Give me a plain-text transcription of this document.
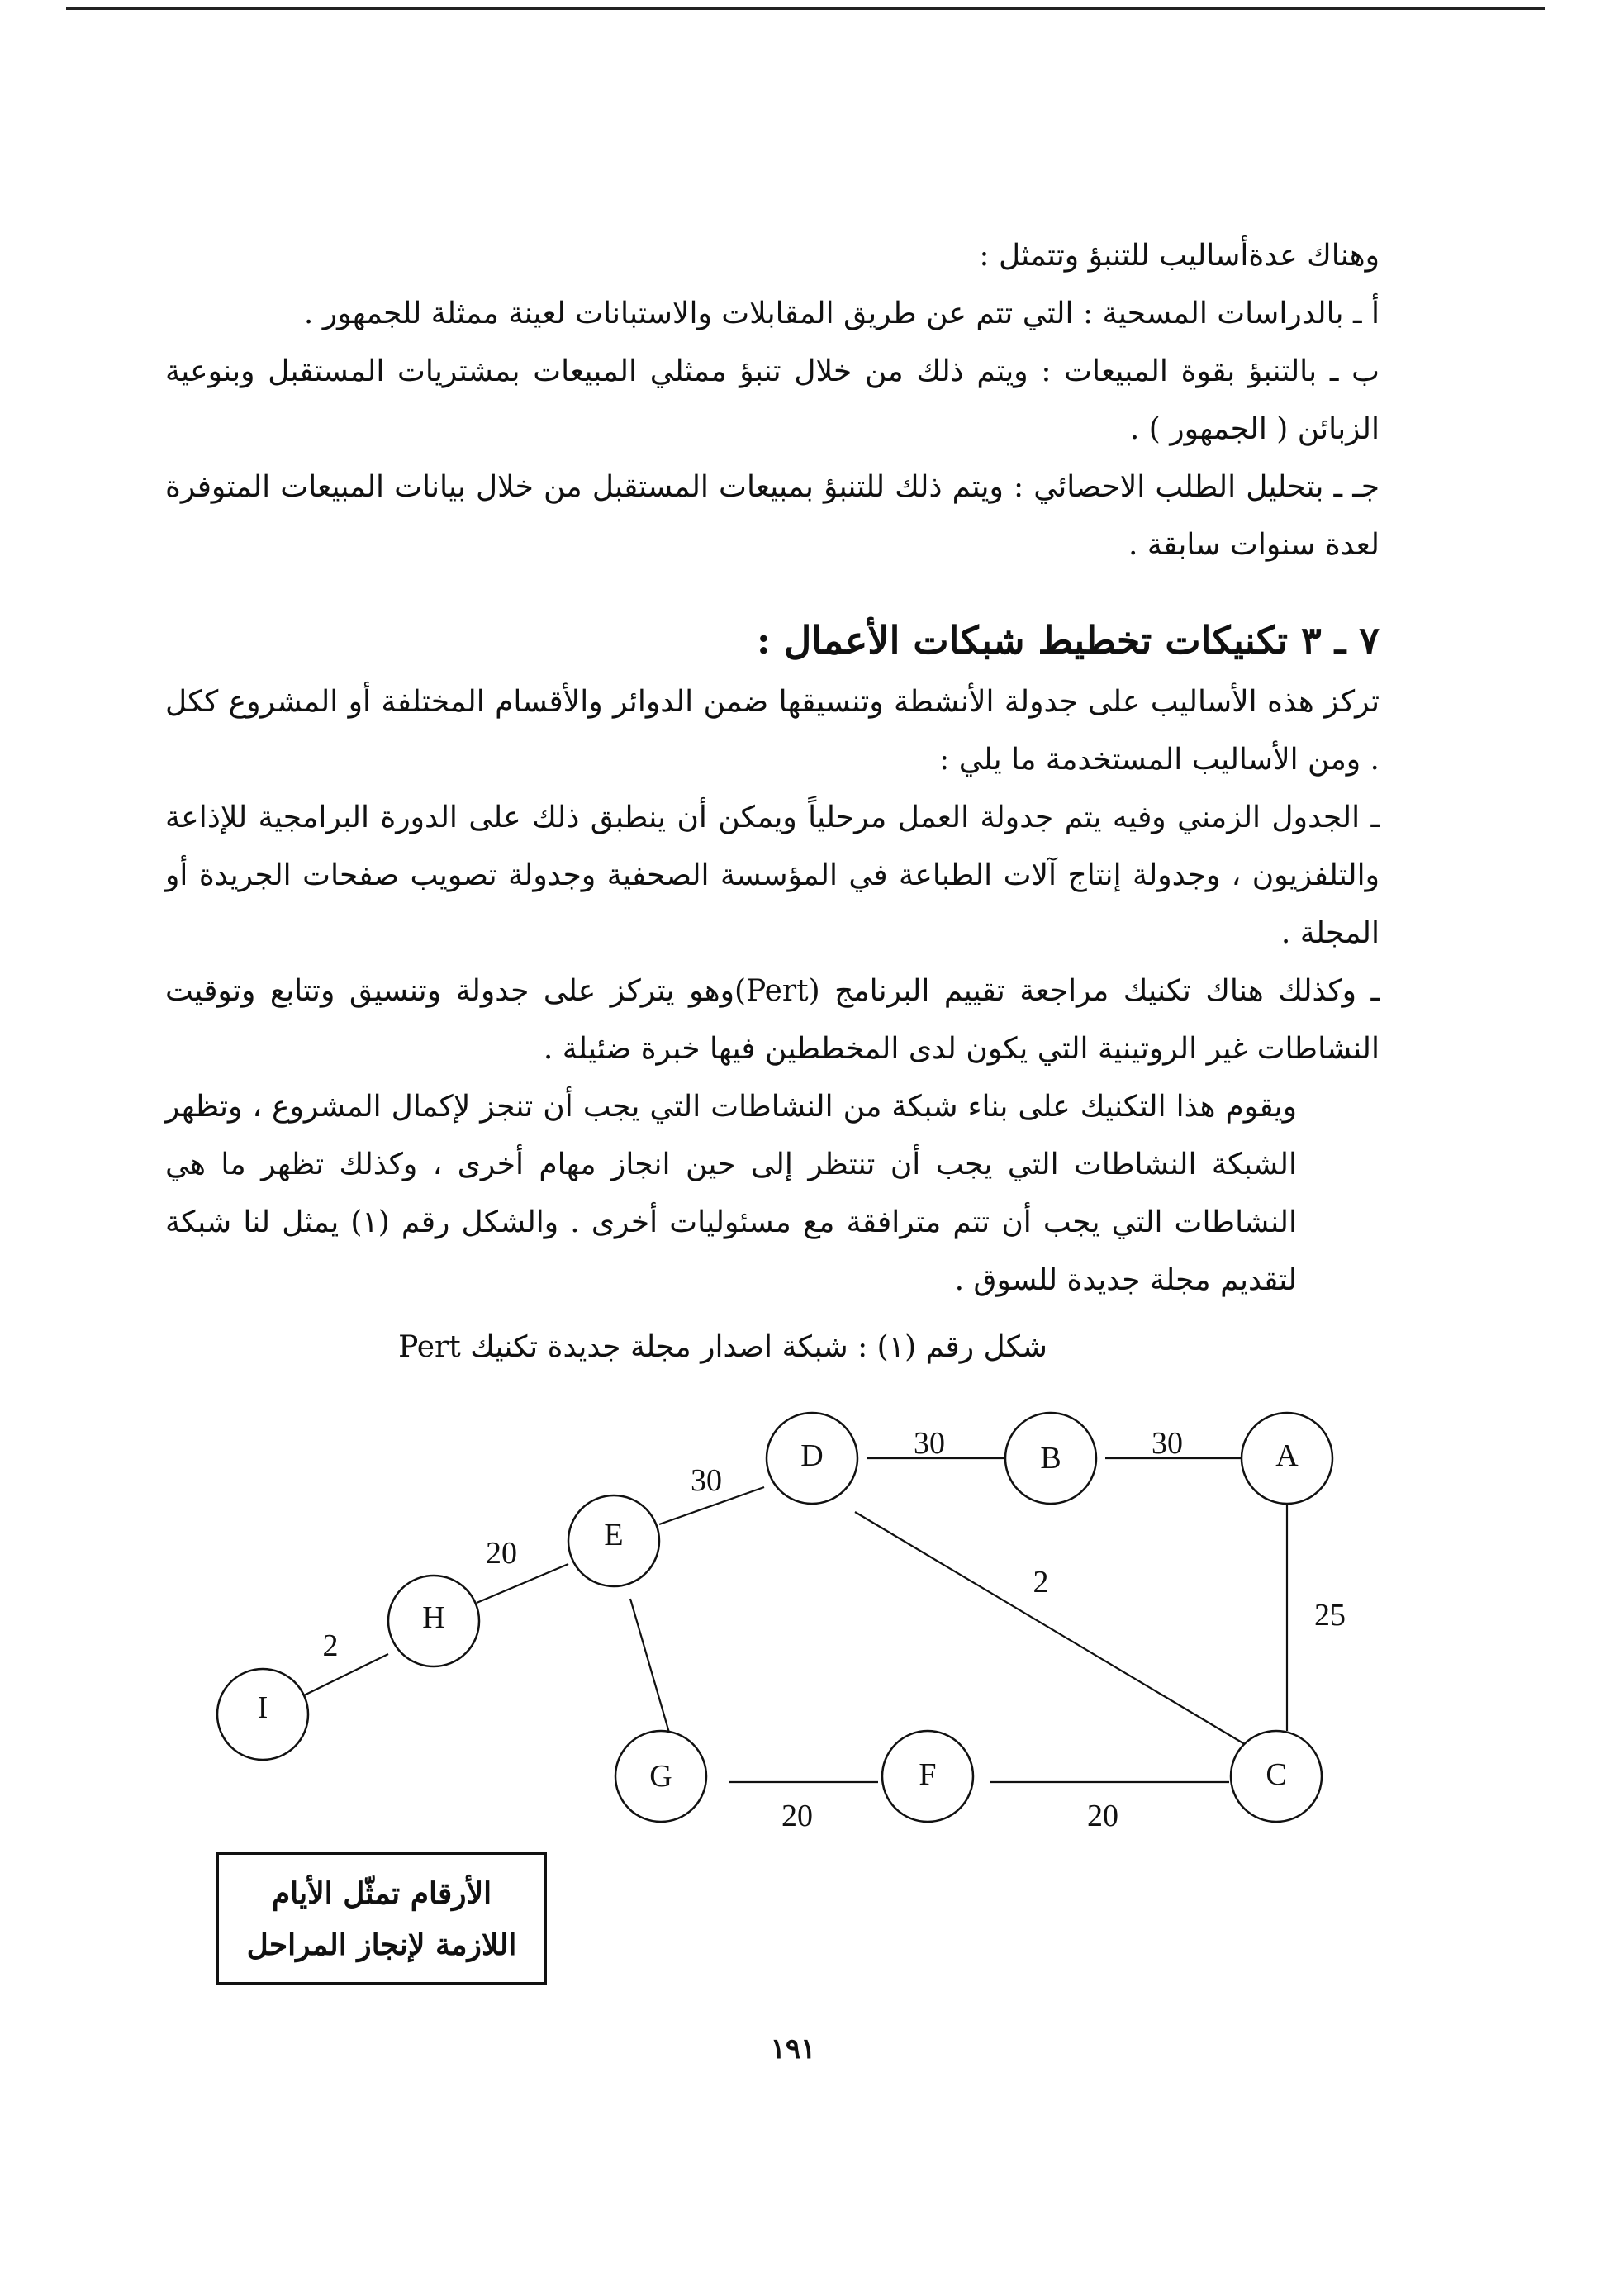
وهناك عدةأساليب للتنبؤ وتتمثل :

أ ـ بالدراسات المسحية : التي تتم عن طريق المقابلات والاستبانات لعينة ممثلة للجمهور .

ب ـ بالتنبؤ بقوة المبيعات : ويتم ذلك من خلال تنبؤ ممثلي المبيعات بمشتريات المستقبل وبنوعية الزبائن ( الجمهور ) .

جـ ـ بتحليل الطلب الاحصائي : ويتم ذلك للتنبؤ بمبيعات المستقبل من خلال بيانات المبيعات المتوفرة لعدة سنوات سابقة .

٧ ـ ٣ تكنيكات تخطيط شبكات الأعمال :

تركز هذه الأساليب على جدولة الأنشطة وتنسيقها ضمن الدوائر والأقسام المختلفة أو المشروع ككل . ومن الأساليب المستخدمة ما يلي :

ـ الجدول الزمني وفيه يتم جدولة العمل مرحلياً ويمكن أن ينطبق ذلك على الدورة البرامجية للإذاعة والتلفزيون ، وجدولة إنتاج آلات الطباعة في المؤسسة الصحفية وجدولة تصويب صفحات الجريدة أو المجلة .

ـ وكذلك هناك تكنيك مراجعة تقييم البرنامج (Pert)وهو يتركز على جدولة وتنسيق وتتابع وتوقيت النشاطات غير الروتينية التي يكون لدى المخططين فيها خبرة ضئيلة .

ويقوم هذا التكنيك على بناء شبكة من النشاطات التي يجب أن تنجز لإكمال المشروع ، وتظهر الشبكة النشاطات التي يجب أن تنتظر إلى حين انجاز مهام أخرى ، وكذلك تظهر ما هي النشاطات التي يجب أن تتم مترافقة مع مسئوليات أخرى . والشكل رقم (١) يمثل لنا شبكة لتقديم مجلة جديدة للسوق .

شكل رقم (١) : شبكة اصدار مجلة جديدة تكنيك Pert
30
30
30
20
2
2
25
20	20
A
B
D
E
H
I
G	F	C
الأرقام تمثّل الأيام
اللازمة لإنجاز المراحل
١٩١
